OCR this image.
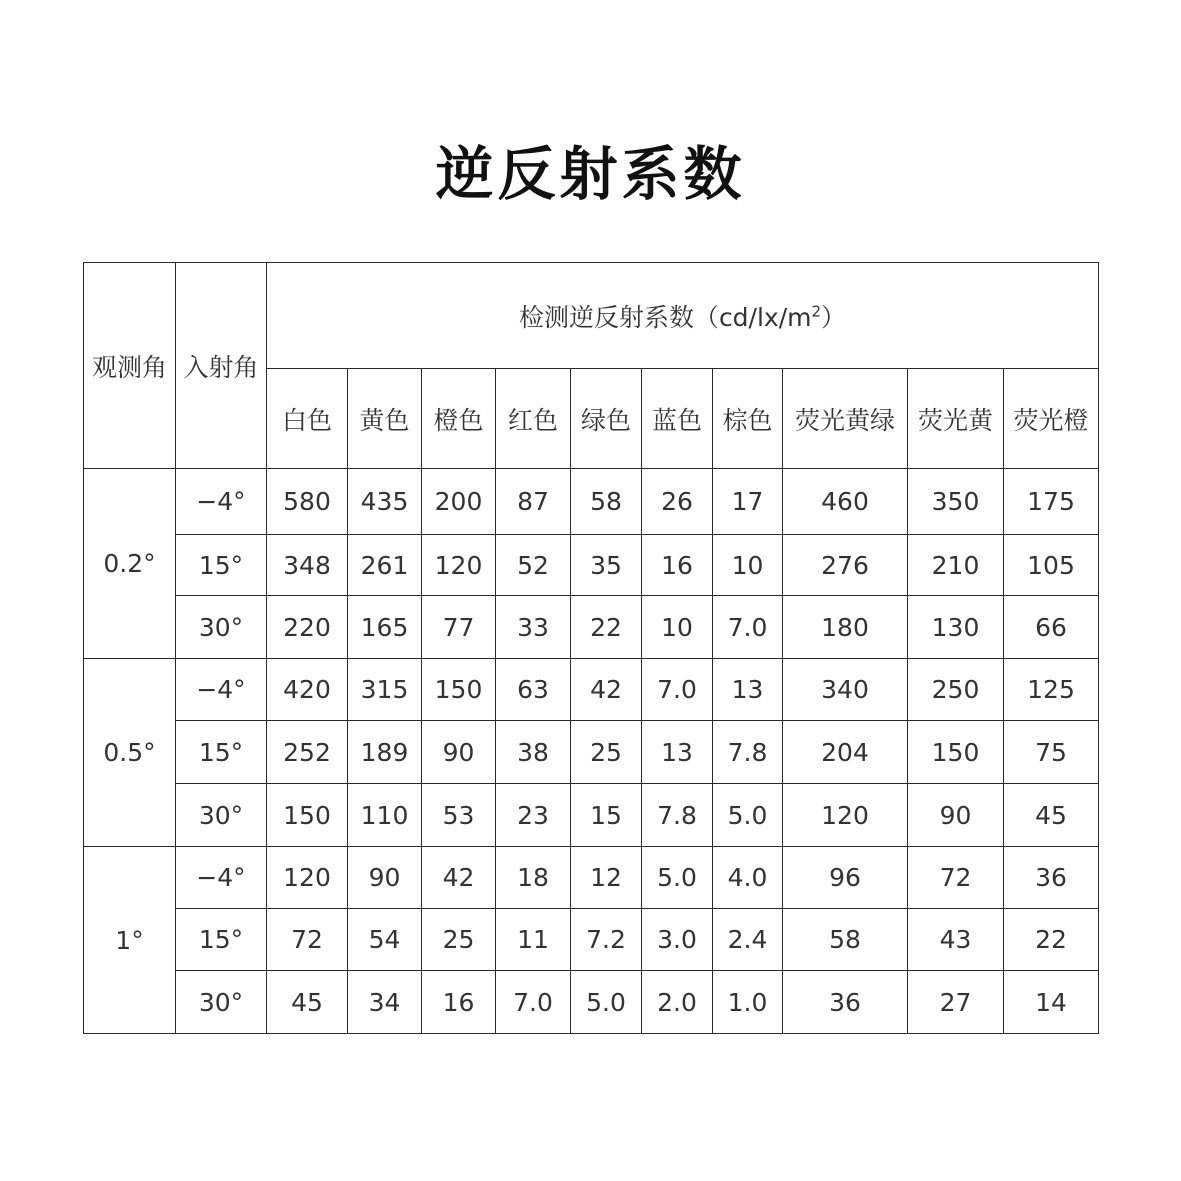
逆反射系数
观测角	入射角	检测逆反射系数$(cd/lx/m^2)$									
		白色	黄色	橙色	红色	绿色	蓝色	棕色	荧光黄绿	荧光黄	荧光橙
0.2°	−4°	580	435	200	87	58	26	17	460	350	175
	15°	348	261	120	52	35	16	10	276	210	105
	30°	220	165	77	33	22	10	7.0	180	130	66
0.5°	−4°	420	315	150	63	42	7.0	13	340	250	125
	15°	252	189	90	38	25	13	7.8	204	150	75
	30°	150	110	53	23	15	7.8	5.0	120	90	45
1°	−4°	120	90	42	18	12	5.0	4.0	96	72	36
	15°	72	54	25	11	7.2	3.0	2.4	58	43	22
	30°	45	34	16	7.0	5.0	2.0	1.0	36	27	14
